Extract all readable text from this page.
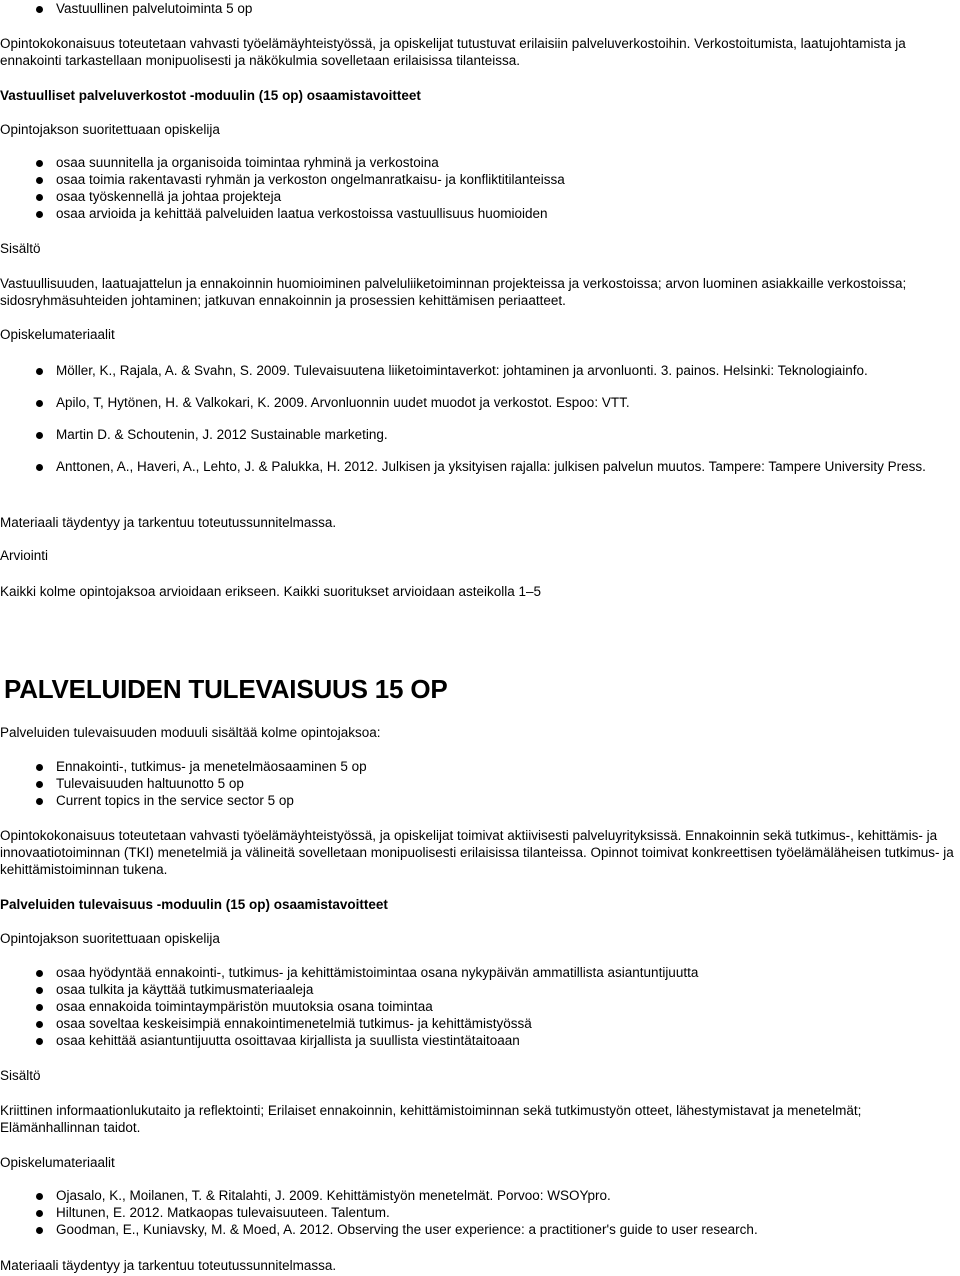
Vastuullinen palvelutoiminta 5 op

Opintokokonaisuus toteutetaan vahvasti työelämäyhteistyössä, ja opiskelijat tutustuvat erilaisiin palveluverkostoihin. Verkostoitumista, laatujohtamista ja ennakointi tarkastellaan monipuolisesti ja näkökulmia sovelletaan erilaisissa tilanteissa.

Vastuulliset palveluverkostot -moduulin (15 op) osaamistavoitteet

Opintojakson suoritettuaan opiskelija

osaa suunnitella ja organisoida toimintaa ryhminä ja verkostoina
osaa toimia rakentavasti ryhmän ja verkoston ongelmanratkaisu- ja konfliktitilanteissa
osaa työskennellä ja johtaa projekteja
osaa arvioida ja kehittää palveluiden laatua verkostoissa vastuullisuus huomioiden

Sisältö

Vastuullisuuden, laatuajattelun ja ennakoinnin huomioiminen palveluliiketoiminnan projekteissa ja verkostoissa; arvon luominen asiakkaille verkostoissa; sidosryhmäsuhteiden johtaminen; jatkuvan ennakoinnin ja prosessien kehittämisen periaatteet.

Opiskelumateriaalit

Möller, K., Rajala, A. & Svahn, S. 2009. Tulevaisuutena liiketoimintaverkot: johtaminen ja arvonluonti. 3. painos. Helsinki: Teknologiainfo.
Apilo, T, Hytönen, H. & Valkokari, K. 2009. Arvonluonnin uudet muodot ja verkostot. Espoo: VTT.
Martin D. & Schoutenin, J. 2012 Sustainable marketing.
Anttonen, A., Haveri, A., Lehto, J. & Palukka, H. 2012. Julkisen ja yksityisen rajalla: julkisen palvelun muutos. Tampere: Tampere University Press.

Materiaali täydentyy ja tarkentuu toteutussunnitelmassa.

Arviointi

Kaikki kolme opintojaksoa arvioidaan erikseen. Kaikki suoritukset arvioidaan asteikolla 1–5

PALVELUIDEN TULEVAISUUS 15 OP

Palveluiden tulevaisuuden moduuli sisältää kolme opintojaksoa:

Ennakointi-, tutkimus- ja menetelmäosaaminen 5 op
Tulevaisuuden haltuunotto 5 op
Current topics in the service sector 5 op

Opintokokonaisuus toteutetaan vahvasti työelämäyhteistyössä, ja opiskelijat toimivat aktiivisesti palveluyrityksissä. Ennakoinnin sekä tutkimus-, kehittämis- ja innovaatiotoiminnan (TKI) menetelmiä ja välineitä sovelletaan monipuolisesti erilaisissa tilanteissa. Opinnot toimivat konkreettisen työelämäläheisen tutkimus- ja kehittämistoiminnan tukena.

Palveluiden tulevaisuus -moduulin (15 op) osaamistavoitteet

Opintojakson suoritettuaan opiskelija

osaa hyödyntää ennakointi-, tutkimus- ja kehittämistoimintaa osana nykypäivän ammatillista asiantuntijuutta
osaa tulkita ja käyttää tutkimusmateriaaleja
osaa ennakoida toimintaympäristön muutoksia osana toimintaa
osaa soveltaa keskeisimpiä ennakointimenetelmiä tutkimus- ja kehittämistyössä
osaa kehittää asiantuntijuutta osoittavaa kirjallista ja suullista viestintätaitoaan

Sisältö

Kriittinen informaationlukutaito ja reflektointi; Erilaiset ennakoinnin, kehittämistoiminnan sekä tutkimustyön otteet, lähestymistavat ja menetelmät; Elämänhallinnan taidot.

Opiskelumateriaalit

Ojasalo, K., Moilanen, T. & Ritalahti, J. 2009. Kehittämistyön menetelmät. Porvoo: WSOYpro.
Hiltunen, E. 2012. Matkaopas tulevaisuuteen. Talentum.
Goodman, E., Kuniavsky, M. & Moed, A. 2012. Observing the user experience: a practitioner's guide to user research.

Materiaali täydentyy ja tarkentuu toteutussunnitelmassa.
